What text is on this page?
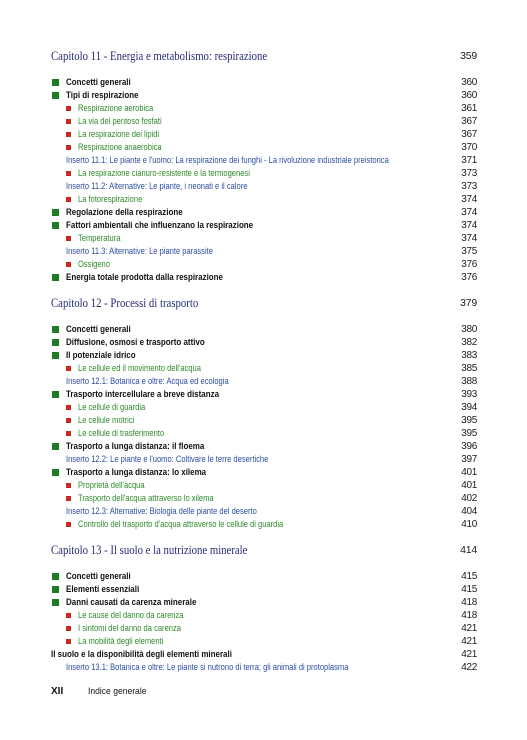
Capitolo 11 - Energia e metabolismo: respirazione	359
Concetti generali	360
Tipi di respirazione	360
Respirazione aerobica	361
La via dei pentoso fosfati	367
La respirazione dei lipidi	367
Respirazione anaerobica	370
Inserto 11.1: Le piante e l'uomo: La respirazione dei funghi - La rivoluzione industriale preistorica	371
La respirazione cianuro-resistente e la termogenesi	373
Inserto 11.2: Alternative: Le piante, i neonati e il calore	373
La fotorespirazione	374
Regolazione della respirazione	374
Fattori ambientali che influenzano la respirazione	374
Temperatura	374
Inserto 11.3: Alternative: Le piante parassite	375
Ossigeno	376
Energia totale prodotta dalla respirazione	376
Capitolo 12 - Processi di trasporto	379
Concetti generali	380
Diffusione, osmosi e trasporto attivo	382
Il potenziale idrico	383
Le cellule ed il movimento dell'acqua	385
Inserto 12.1: Botanica e oltre: Acqua ed ecologia	388
Trasporto intercellulare a breve distanza	393
Le cellule di guardia	394
Le cellule motrici	395
Le cellule di trasferimento	395
Trasporto a lunga distanza: il floema	396
Inserto 12.2: Le piante e l'uomo: Coltivare le terre desertiche	397
Trasporto a lunga distanza: lo xilema	401
Proprietà dell'acqua	401
Trasporto dell'acqua attraverso lo xilema	402
Inserto 12.3: Alternative: Biologia delle piante del deserto	404
Controllo del trasporto d'acqua attraverso le cellule di guardia	410
Capitolo 13 - Il suolo e la nutrizione minerale	414
Concetti generali	415
Elementi essenziali	415
Danni causati da carenza minerale	418
Le cause del danno da carenza	418
I sintomi del danno da carenza	421
La mobilità degli elementi	421
Il suolo e la disponibilità degli elementi minerali	421
Inserto 13.1: Botanica e oltre: Le piante si nutrono di terra; gli animali di protoplasma	422
XII	Indice generale
